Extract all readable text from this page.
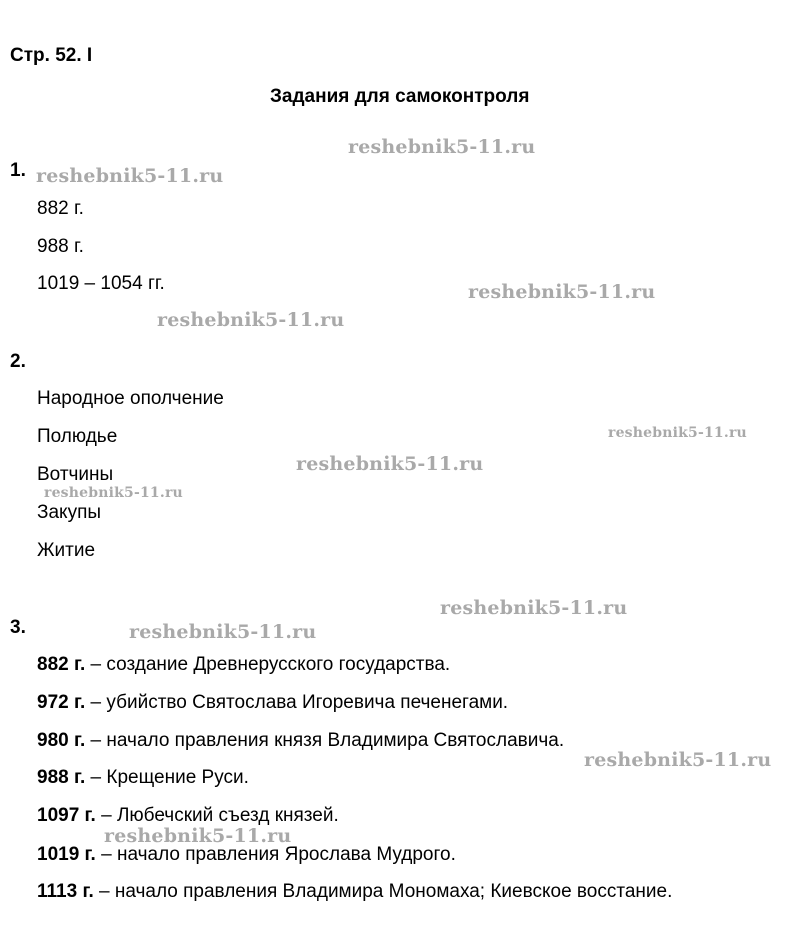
Стр. 52. I
Задания для самоконтроля
1.
882 г.
988 г.
1019 – 1054 гг.
2.
Народное ополчение
Полюдье
Вотчины
Закупы
Житие
3.
882 г. – создание Древнерусского государства.
972 г. – убийство Святослава Игоревича печенегами.
980 г. – начало правления князя Владимира Святославича.
988 г. – Крещение Руси.
1097 г. – Любечский съезд князей.
1019 г. – начало правления Ярослава Мудрого.
1113 г. – начало правления Владимира Мономаха; Киевское восстание.
reshebnik5-11.ru
reshebnik5-11.ru
reshebnik5-11.ru
reshebnik5-11.ru
reshebnik5-11.ru
reshebnik5-11.ru
reshebnik5-11.ru
reshebnik5-11.ru
reshebnik5-11.ru
reshebnik5-11.ru
reshebnik5-11.ru
